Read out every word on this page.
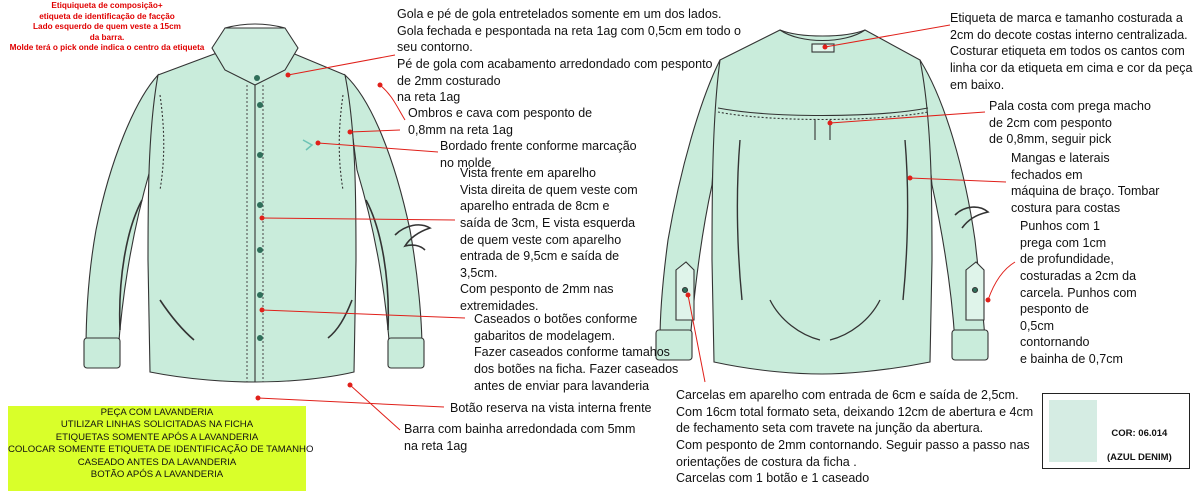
Etiquiqueta de composição+
etiqueta de identificação de facção
Lado esquerdo de quem veste a 15cm
da barra.
Molde terá o pick onde indica o centro da etiqueta
Gola e pé de gola entretelados somente em um dos lados.
Gola fechada e pespontada na reta 1ag com 0,5cm em todo o
seu contorno.
Pé de gola com acabamento arredondado com pesponto
de 2mm costurado
na reta 1ag
Ombros e cava com pesponto de
0,8mm na reta 1ag
Bordado frente conforme marcação
no molde
Vista frente em aparelho
Vista direita de quem veste com
aparelho entrada de 8cm e
saída de 3cm, E vista esquerda
de quem veste com aparelho
entrada de 9,5cm e saída de
3,5cm.
Com pesponto de 2mm nas
extremidades.
Caseados o botões conforme
gabaritos de modelagem.
Fazer caseados conforme tamahos
dos botões na ficha. Fazer caseados
antes de enviar para lavanderia
Botão reserva na vista interna frente
Barra com bainha arredondada com 5mm
na reta 1ag
Etiqueta de marca e tamanho costurada a
2cm do decote costas interno centralizada.
Costurar etiqueta em todos os cantos com
linha cor da etiqueta em cima e cor da peça
em baixo.
Pala costa com prega macho
de 2cm com pesponto
de 0,8mm, seguir pick
Mangas e laterais
fechados em
máquina de braço. Tombar
costura para costas
Punhos com 1
prega com 1cm
de profundidade,
costuradas a 2cm da
carcela. Punhos com
pesponto de
0,5cm
contornando
e bainha de 0,7cm
Carcelas em aparelho com entrada de 6cm e saída de 2,5cm.
Com 16cm total formato seta, deixando 12cm de abertura e 4cm
de fechamento seta com travete na junção da abertura.
Com pesponto de 2mm contornando. Seguir passo a passo nas
orientações de costura da ficha .
Carcelas com 1 botão e 1 caseado
PEÇA COM LAVANDERIA
UTILIZAR LINHAS SOLICITADAS NA FICHA
ETIQUETAS SOMENTE APÓS A LAVANDERIA
COLOCAR SOMENTE ETIQUETA DE IDENTIFICAÇÃO DE TAMANHO
CASEADO ANTES DA LAVANDERIA
BOTÃO APÓS A LAVANDERIA

COR: 06.014

(AZUL DENIM)
